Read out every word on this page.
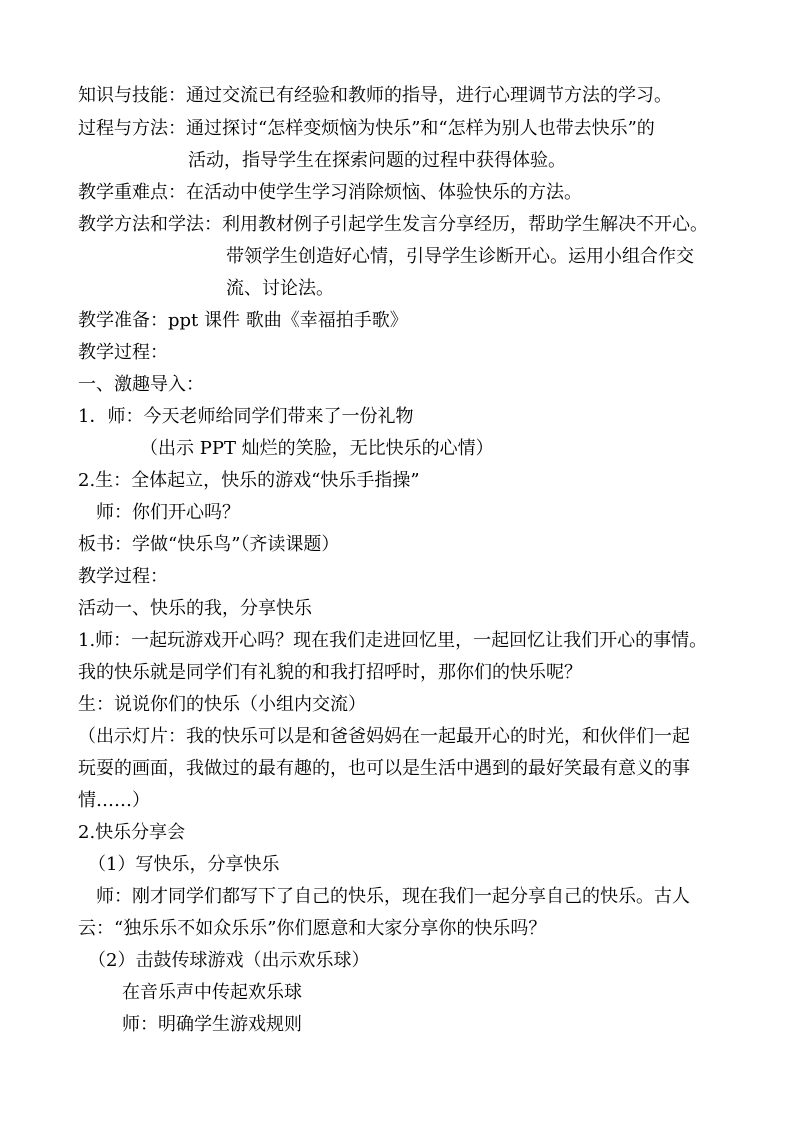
知识与技能：通过交流已有经验和教师的指导，进行心理调节方法的学习。
过程与方法：通过探讨“怎样变烦恼为快乐”和“怎样为别人也带去快乐”的
活动，指导学生在探索问题的过程中获得体验。
教学重难点：在活动中使学生学习消除烦恼、体验快乐的方法。
教学方法和学法：利用教材例子引起学生发言分享经历，帮助学生解决不开心。
带领学生创造好心情，引导学生诊断开心。运用小组合作交
流、讨论法。
教学准备：ppt 课件 歌曲《幸福拍手歌》
教学过程：
一、激趣导入：
1．师：今天老师给同学们带来了一份礼物
（出示 PPT 灿烂的笑脸，无比快乐的心情）
2.生：全体起立，快乐的游戏“快乐手指操”
师：你们开心吗？
板书：学做“快乐鸟”（齐读课题）
教学过程：
活动一、快乐的我，分享快乐
1.师：一起玩游戏开心吗？现在我们走进回忆里，一起回忆让我们开心的事情。
我的快乐就是同学们有礼貌的和我打招呼时，那你们的快乐呢？
生：说说你们的快乐（小组内交流）
（出示灯片：我的快乐可以是和爸爸妈妈在一起最开心的时光，和伙伴们一起
玩耍的画面，我做过的最有趣的，也可以是生活中遇到的最好笑最有意义的事
情……）
2.快乐分享会
（1）写快乐，分享快乐
师：刚才同学们都写下了自己的快乐，现在我们一起分享自己的快乐。古人
云：“独乐乐不如众乐乐”你们愿意和大家分享你的快乐吗？
（2）击鼓传球游戏（出示欢乐球）
在音乐声中传起欢乐球
师：明确学生游戏规则
